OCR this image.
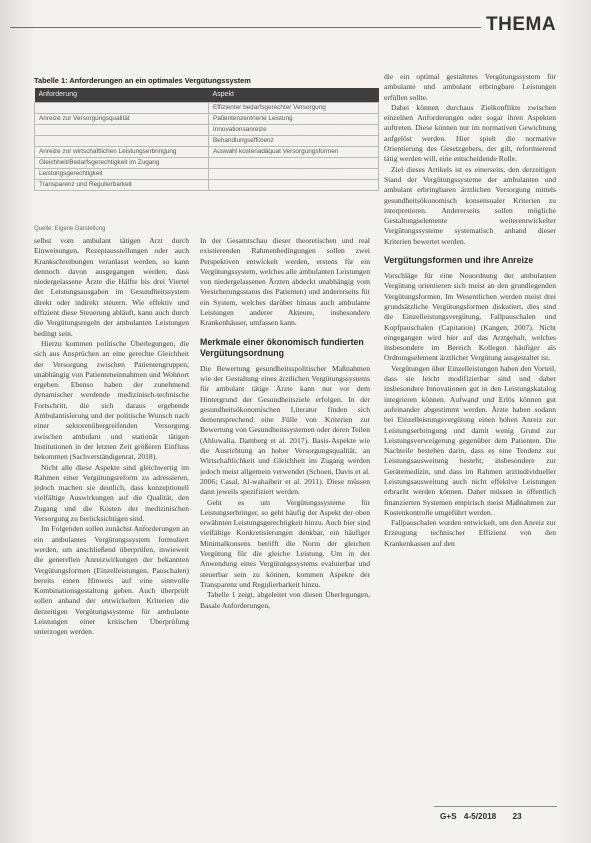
THEMA
Tabelle 1: Anforderungen an ein optimales Vergütungssystem
Anforderung	Aspekt
	Effizienter bedarfsgerechter Versorgung
Anreize zur Versorgungsqualität	Patientenzentrierte Leistung
	Innovationsanreize
	Behandlungseffizienz
Anreize zur wirtschaftlichen Leistungserbringung	Auswahl kostenadäquat Versorgungsformen
Gleichheit/Bedarfsgerechtigkeit im Zugang	
Leistungsgerechtigkeit	
Transparenz und Regulierbarkeit	
Quelle: Eigene Darstellung

selbst vom ambulant tätigen Arzt durch Einweisungen, Rezeptausstellungen oder auch Krankschreibungen veranlasst werden, so kann dennoch davon ausgegangen werden, dass niedergelassene Ärzte die Hälfte bis drei Viertel der Leistungsausgaben im Gesundheitssystem direkt oder indirekt steuern. Wie effektiv und effizient diese Steuerung abläuft, kann auch durch die Vergütungsregeln der ambulanten Leistungen bedingt sein.

Hierzu kommen politische Überlegungen, die sich aus Ansprüchen an eine gerechte Gleichheit der Versorgung zwischen Patientengruppen, unabhängig von Patienteneinnahmen und Wohnort ergeben. Ebenso haben der zunehmend dynamischer werdende medizinisch-technische Fortschritt, die sich daraus ergebende Ambulantisierung und der politische Wunsch nach einer sektorenübergreifenden Versorgung zwischen ambulant und stationär tätigen Institutionen in der letzten Zeit größeren Einfluss bekommen (Sachverständigenrat, 2018).

Nicht alle diese Aspekte sind gleichwertig im Rahmen einer Vergütungsreform zu adressieren, jedoch machen sie deutlich, dass konzeptionell vielfältige Auswirkungen auf die Qualität, den Zugang und die Kosten der medizinischen Versorgung zu berücksichtigen sind.

Im Folgenden sollen zunächst Anforderungen an ein ambulantes Vergütungssystem formuliert werden, um anschließend überprüfen, inwieweit die generellen Anreizwirkungen der bekannten Vergütungsformen (Einzelleistungen, Pauschalen) bereits einen Hinweis auf eine sinnvolle Kombinationsgestaltung geben. Auch überprüft sollen anhand der entwickelten Kriterien die derzeitigen Vergütungssysteme für ambulante Leistungen einer kritischen Überprüfung unterzogen werden.

In der Gesamtschau dieser theoretischen und real existierenden Rahmenbedingungen sollen zwei Perspektiven entwickelt werden, erstens für ein Vergütungssystem, welches alle ambulanten Leistungen von niedergelassenen Ärzten abdeckt unabhängig vom Versicherungsstatus des Patienten) und andererseits für ein System, welches darüber hinaus auch ambulante Leistungen anderer Akteure, insbesondere Krankenhäuser, umfassen kann.

Merkmale einer ökonomisch fundierten Vergütungsordnung

Die Bewertung gesundheitsspolitischer Maßnahmen wie der Gestaltung eines ärztlichen Vergütungssystems für ambulant tätige Ärzte kann nur vor dem Hintergrund der Gesundheitsziele erfolgen. In der gesundheitsökonomischen Literatur finden sich dementsprechend eine Fülle von Kriterien zur Bewertung von Gesundheitssystemen oder deren Teilen (Ahluwalia, Damberg et al. 2017). Basis-Aspekte wie die Ausrichtung an hoher Versorgungsqualität, an Wirtschaftlichkeit und Gleichheit im Zugang werden jedoch meist allgemein verwendet (Schoen, Davis et al. 2006; Casal, Al-wahaibeir et al. 2011). Diese müssen dann jeweils spezifiziert werden.

Geht es um Vergütungssysteme für Leistungserbringer, so geht häufig der Aspekt der oben erwähnten Leistungsgerechtigkeit hinzu. Auch hier sind vielfältige Konkretisierungen denkbar, ein häufiger Minimalkonsens betrifft die Norm der gleichen Vergütung für die gleiche Leistung. Um in der Anwendung eines Vergütungssystems evaluierbar und steuerbar sein zu können, kommen Aspekte der Transparenz und Regulierbarkeit hinzu.

Tabelle 1 zeigt, abgeleitet von diesen Überlegungen, Basale Anforderungen,

die ein optimal gestaltetes Vergütungssystem für ambulante und ambulant erbringbare Leistungen erfüllen sollte.

Dabei können durchaus Zielkonflikte zwischen einzelnen Anforderungen oder sogar ihren Aspekten auftreten. Diese können nur im normativen Gewichtung aufgelöst werden. Hier spielt die normative Orientierung des Gesetzgebers, der gilt, reformierend tätig werden will, eine entscheidende Rolle.

Ziel dieses Artikels ist es einerseits, den derzeitigen Stand der Vergütungssysteme der ambulanten und ambulant erbringbaren ärztlichen Versorgung mittels gesundheitsökonomisch konsensualer Kriterien zu interpretieren. Andererseits sollen mögliche Gestaltungselemente weiterentwickelter Vergütungssysteme systematisch anhand dieser Kriterien bewertet werden.

Vergütungsformen und ihre Anreize

Vorschläge für eine Neuordnung der ambulanten Vergütung orientieren sich meist an den grundlegenden Vergütungsformen. Im Wesentlichen werden meist drei grundsätzliche Vergütungsformen diskutiert, dies sind die Einzelleistungsvergütung, Fallpauschalen und Kopfpauschalen (Capitation) (Kangen, 2007). Nicht eingegangen wird hier auf das Arztgehalt, welches insbesondere im Bereich Kollegen häufiger als Ordnungselement ärztlicher Vergütung ausgestaltet ist.

Vergütungen über Einzelleistungen haben den Vorteil, dass sie leicht modifizierbar sind und daher insbesondere Innovationen gut in den Leistungskatalog integrieren können. Aufwand und Erlös können gut aufeinander abgestimmt werden. Ärzte haben sodann bei Einzelleistungsvergütung einen hohen Anreiz zur Leistungserbringung und damit wenig Grund zur Leistungsverweigerung gegenüber dem Patienten. Die Nachteile bestehen darin, dass es eine Tendenz zur Leistungsausweitung besteht, insbesondere zur Gerätemedizin, und dass im Rahmen arztindividueller Leistungsausweitung auch nicht effektive Leistungen erbracht werden können. Daher müssen in öffentlich finanzierten Systemen empirisch meist Maßnahmen zur Kostenkontrolle umgeführt werden.

Fallpauschalen wurden entwickelt, um den Anreiz zur Erzeugung technischer Effizienz von den Krankenkassen auf den

G+S 4-5/2018 23
